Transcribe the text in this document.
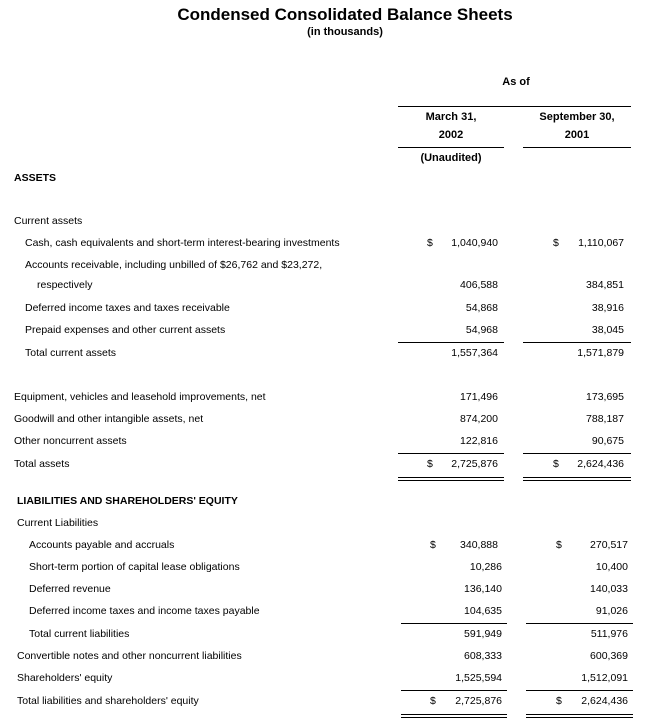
Condensed Consolidated Balance Sheets
(in thousands)
As of
March 31,
2002
September 30,
2001
(Unaudited)
ASSETS
Current assets
Cash, cash equivalents and short-term interest-bearing investments	$	1,040,940	$	1,110,067
Accounts receivable, including unbilled of $26,762 and $23,272,
respectively	406,588	384,851
Deferred income taxes and taxes receivable	54,868	38,916
Prepaid expenses and other current assets	54,968	38,045
Total current assets	1,557,364	1,571,879
Equipment, vehicles and leasehold improvements, net	171,496	173,695
Goodwill and other intangible assets, net	874,200	788,187
Other noncurrent assets	122,816	90,675
Total assets	$	2,725,876	$	2,624,436
LIABILITIES AND SHAREHOLDERS' EQUITY
Current Liabilities
Accounts payable and accruals	$	340,888	$	270,517
Short-term portion of capital lease obligations	10,286	10,400
Deferred revenue	136,140	140,033
Deferred income taxes and income taxes payable	104,635	91,026
Total current liabilities	591,949	511,976
Convertible notes and other noncurrent liabilities	608,333	600,369
Shareholders' equity	1,525,594	1,512,091
Total liabilities and shareholders' equity	$	2,725,876	$	2,624,436
